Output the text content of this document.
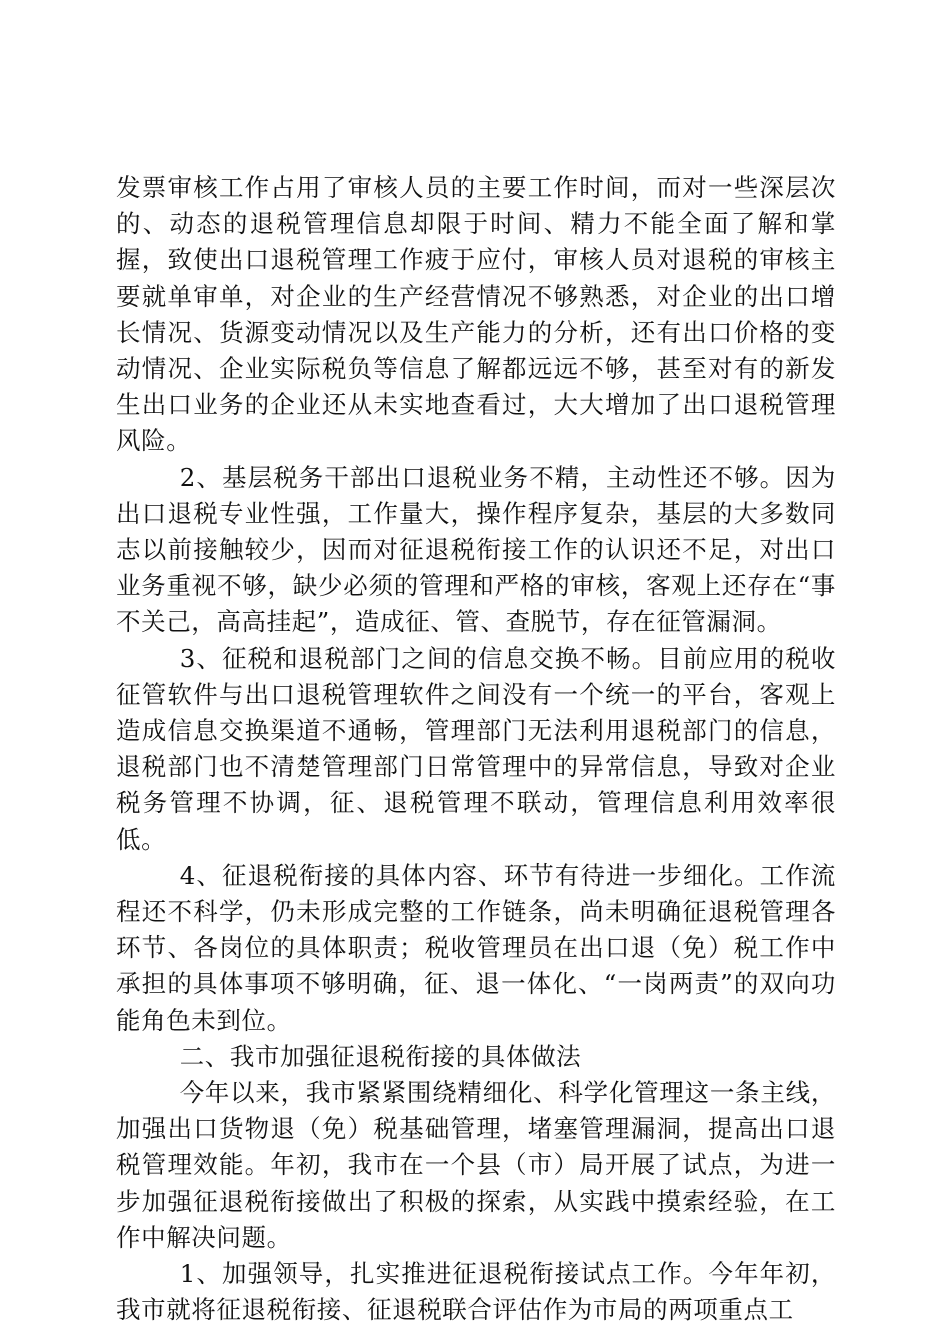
发票审核工作占用了审核人员的主要工作时间，而对一些深层次的、动态的退税管理信息却限于时间、精力不能全面了解和掌握，致使出口退税管理工作疲于应付，审核人员对退税的审核主要就单审单，对企业的生产经营情况不够熟悉，对企业的出口增长情况、货源变动情况以及生产能力的分析，还有出口价格的变动情况、企业实际税负等信息了解都远远不够，甚至对有的新发生出口业务的企业还从未实地查看过，大大增加了出口退税管理风险。

2、基层税务干部出口退税业务不精，主动性还不够。因为出口退税专业性强，工作量大，操作程序复杂，基层的大多数同志以前接触较少，因而对征退税衔接工作的认识还不足，对出口业务重视不够，缺少必须的管理和严格的审核，客观上还存在“事不关己，高高挂起”，造成征、管、查脱节，存在征管漏洞。

3、征税和退税部门之间的信息交换不畅。目前应用的税收征管软件与出口退税管理软件之间没有一个统一的平台，客观上造成信息交换渠道不通畅，管理部门无法利用退税部门的信息，退税部门也不清楚管理部门日常管理中的异常信息，导致对企业税务管理不协调，征、退税管理不联动，管理信息利用效率很低。

4、征退税衔接的具体内容、环节有待进一步细化。工作流程还不科学，仍未形成完整的工作链条，尚未明确征退税管理各环节、各岗位的具体职责；税收管理员在出口退（免）税工作中承担的具体事项不够明确，征、退一体化、“一岗两责”的双向功能角色未到位。

二、我市加强征退税衔接的具体做法

今年以来，我市紧紧围绕精细化、科学化管理这一条主线，加强出口货物退（免）税基础管理，堵塞管理漏洞，提高出口退税管理效能。年初，我市在一个县（市）局开展了试点，为进一步加强征退税衔接做出了积极的探索，从实践中摸索经验，在工作中解决问题。

1、加强领导，扎实推进征退税衔接试点工作。今年年初，我市就将征退税衔接、征退税联合评估作为市局的两项重点工
